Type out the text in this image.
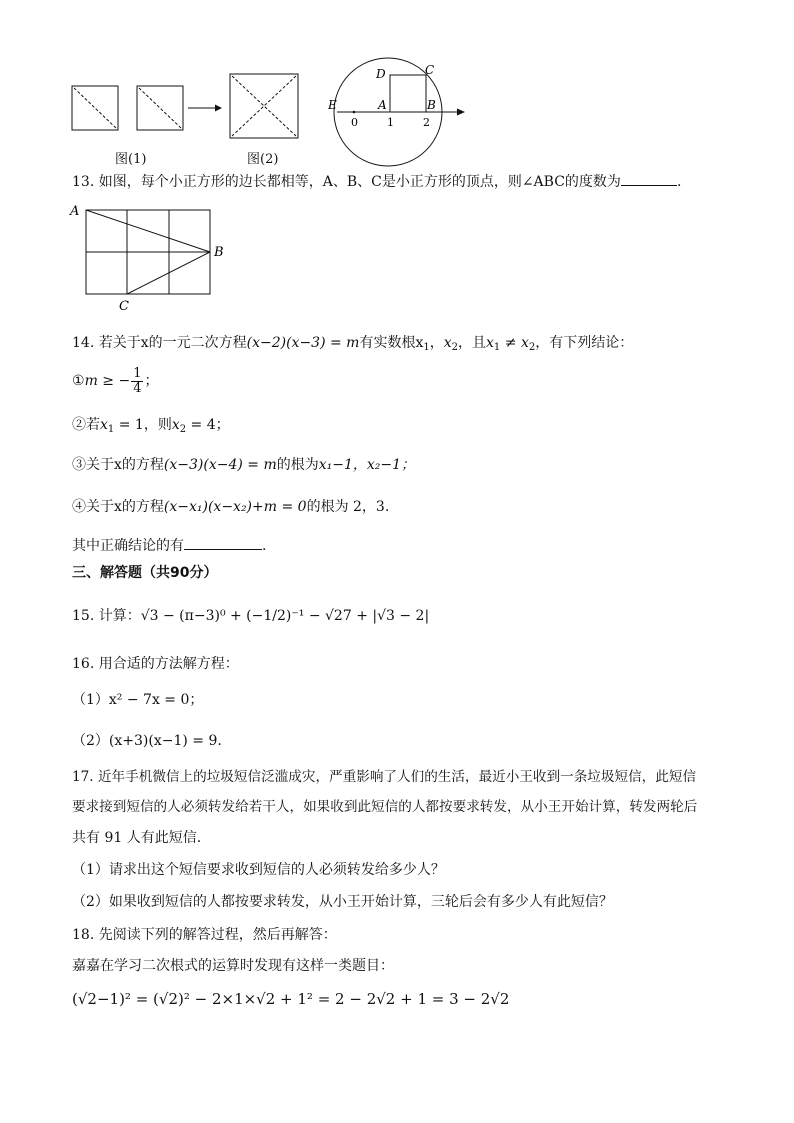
图(1)	图(2)
D	C
E	A	B
0	1	2
13. 如图，每个小正方形的边长都相等，A、B、C是小正方形的顶点，则∠ABC的度数为	.
A
B
C
14. 若关于x的一元二次方程(x−2)(x−3) = m有实数根$x_1$，$x_2$，且$x_1 \ne x_2$，有下列结论：
①m ≥ − $\frac{1}{4}$ ；
②若$x_1 = 1$，则$x_2 = 4$；
③关于x的方程(x−3)(x−4) = m的根为x₁−1，x₂−1；
④关于x的方程(x−x₁)(x−x₂)+m = 0的根为 2，3.
其中正确结论的有	.
三、解答题（共90分）
15. 计算：√3 − (π−3)⁰ + (−1/2)⁻¹ − √27 + |√3 − 2|
16. 用合适的方法解方程：
（1）x² − 7x = 0；
（2）(x+3)(x−1) = 9.
17. 近年手机微信上的垃圾短信泛滥成灾，严重影响了人们的生活，最近小王收到一条垃圾短信，此短信
要求接到短信的人必须转发给若干人，如果收到此短信的人都按要求转发，从小王开始计算，转发两轮后
共有 91 人有此短信.
（1）请求出这个短信要求收到短信的人必须转发给多少人？
（2）如果收到短信的人都按要求转发，从小王开始计算，三轮后会有多少人有此短信？
18. 先阅读下列的解答过程，然后再解答：
嘉嘉在学习二次根式的运算时发现有这样一类题目：
(√2−1)² = (√2)² − 2×1×√2 + 1² = 2 − 2√2 + 1 = 3 − 2√2
